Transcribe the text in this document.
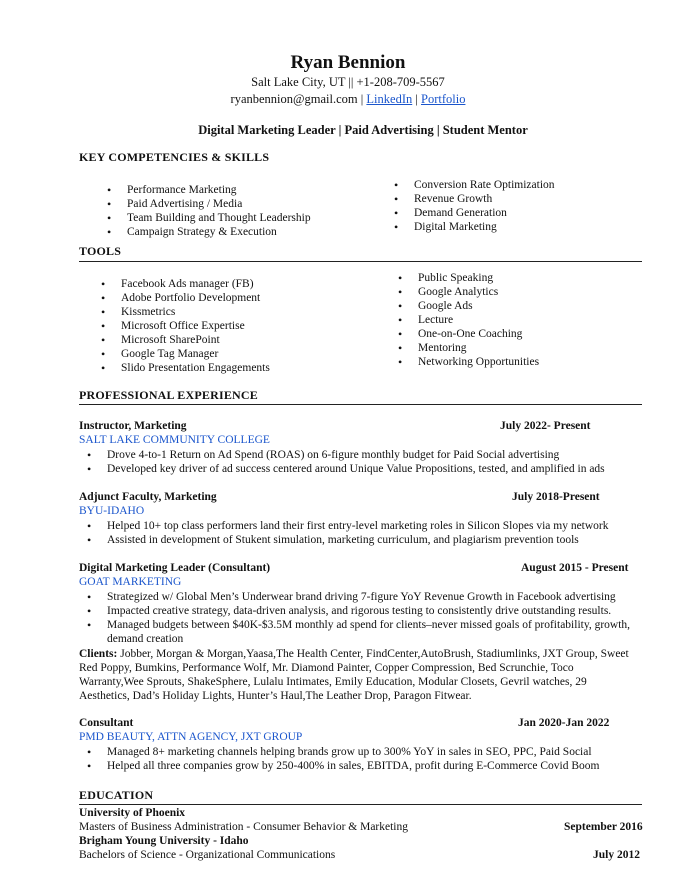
Ryan Bennion
Salt Lake City, UT || +1-208-709-5567
ryanbennion@gmail.com | LinkedIn | Portfolio
Digital Marketing Leader | Paid Advertising | Student Mentor
KEY COMPETENCIES & SKILLS
• Performance Marketing
• Paid Advertising / Media
• Team Building and Thought Leadership
• Campaign Strategy & Execution
• Conversion Rate Optimization
• Revenue Growth
• Demand Generation
• Digital Marketing
TOOLS
• Facebook Ads manager (FB)
• Adobe Portfolio Development
• Kissmetrics
• Microsoft Office Expertise
• Microsoft SharePoint
• Google Tag Manager
• Slido Presentation Engagements
• Public Speaking
• Google Analytics
• Google Ads
• Lecture
• One-on-One Coaching
• Mentoring
• Networking Opportunities
PROFESSIONAL EXPERIENCE
Instructor, Marketing	July 2022- Present
SALT LAKE COMMUNITY COLLEGE
• Drove 4-to-1 Return on Ad Spend (ROAS) on 6-figure monthly budget for Paid Social advertising
• Developed key driver of ad success centered around Unique Value Propositions, tested, and amplified in ads
Adjunct Faculty, Marketing	July 2018-Present
BYU-IDAHO
• Helped 10+ top class performers land their first entry-level marketing roles in Silicon Slopes via my network
• Assisted in development of Stukent simulation, marketing curriculum, and plagiarism prevention tools
Digital Marketing Leader (Consultant)	August 2015 - Present
GOAT MARKETING
• Strategized w/ Global Men’s Underwear brand driving 7-figure YoY Revenue Growth in Facebook advertising
• Impacted creative strategy, data-driven analysis, and rigorous testing to consistently drive outstanding results.
• Managed budgets between $40K-$3.5M monthly ad spend for clients–never missed goals of profitability, growth, demand creation
Clients: Jobber, Morgan & Morgan,Yaasa,The Health Center, FindCenter,AutoBrush, Stadiumlinks, JXT Group, Sweet Red Poppy, Bumkins, Performance Wolf, Mr. Diamond Painter, Copper Compression, Bed Scrunchie, Toco Warranty,Wee Sprouts, ShakeSphere, Lulalu Intimates, Emily Education, Modular Closets, Gevril watches, 29 Aesthetics, Dad’s Holiday Lights, Hunter’s Haul,The Leather Drop, Paragon Fitwear.
Consultant	Jan 2020-Jan 2022
PMD BEAUTY, ATTN AGENCY, JXT GROUP
• Managed 8+ marketing channels helping brands grow up to 300% YoY in sales in SEO, PPC, Paid Social
• Helped all three companies grow by 250-400% in sales, EBITDA, profit during E-Commerce Covid Boom
EDUCATION
University of Phoenix
Masters of Business Administration - Consumer Behavior & Marketing	September 2016
Brigham Young University - Idaho
Bachelors of Science - Organizational Communications	July 2012
